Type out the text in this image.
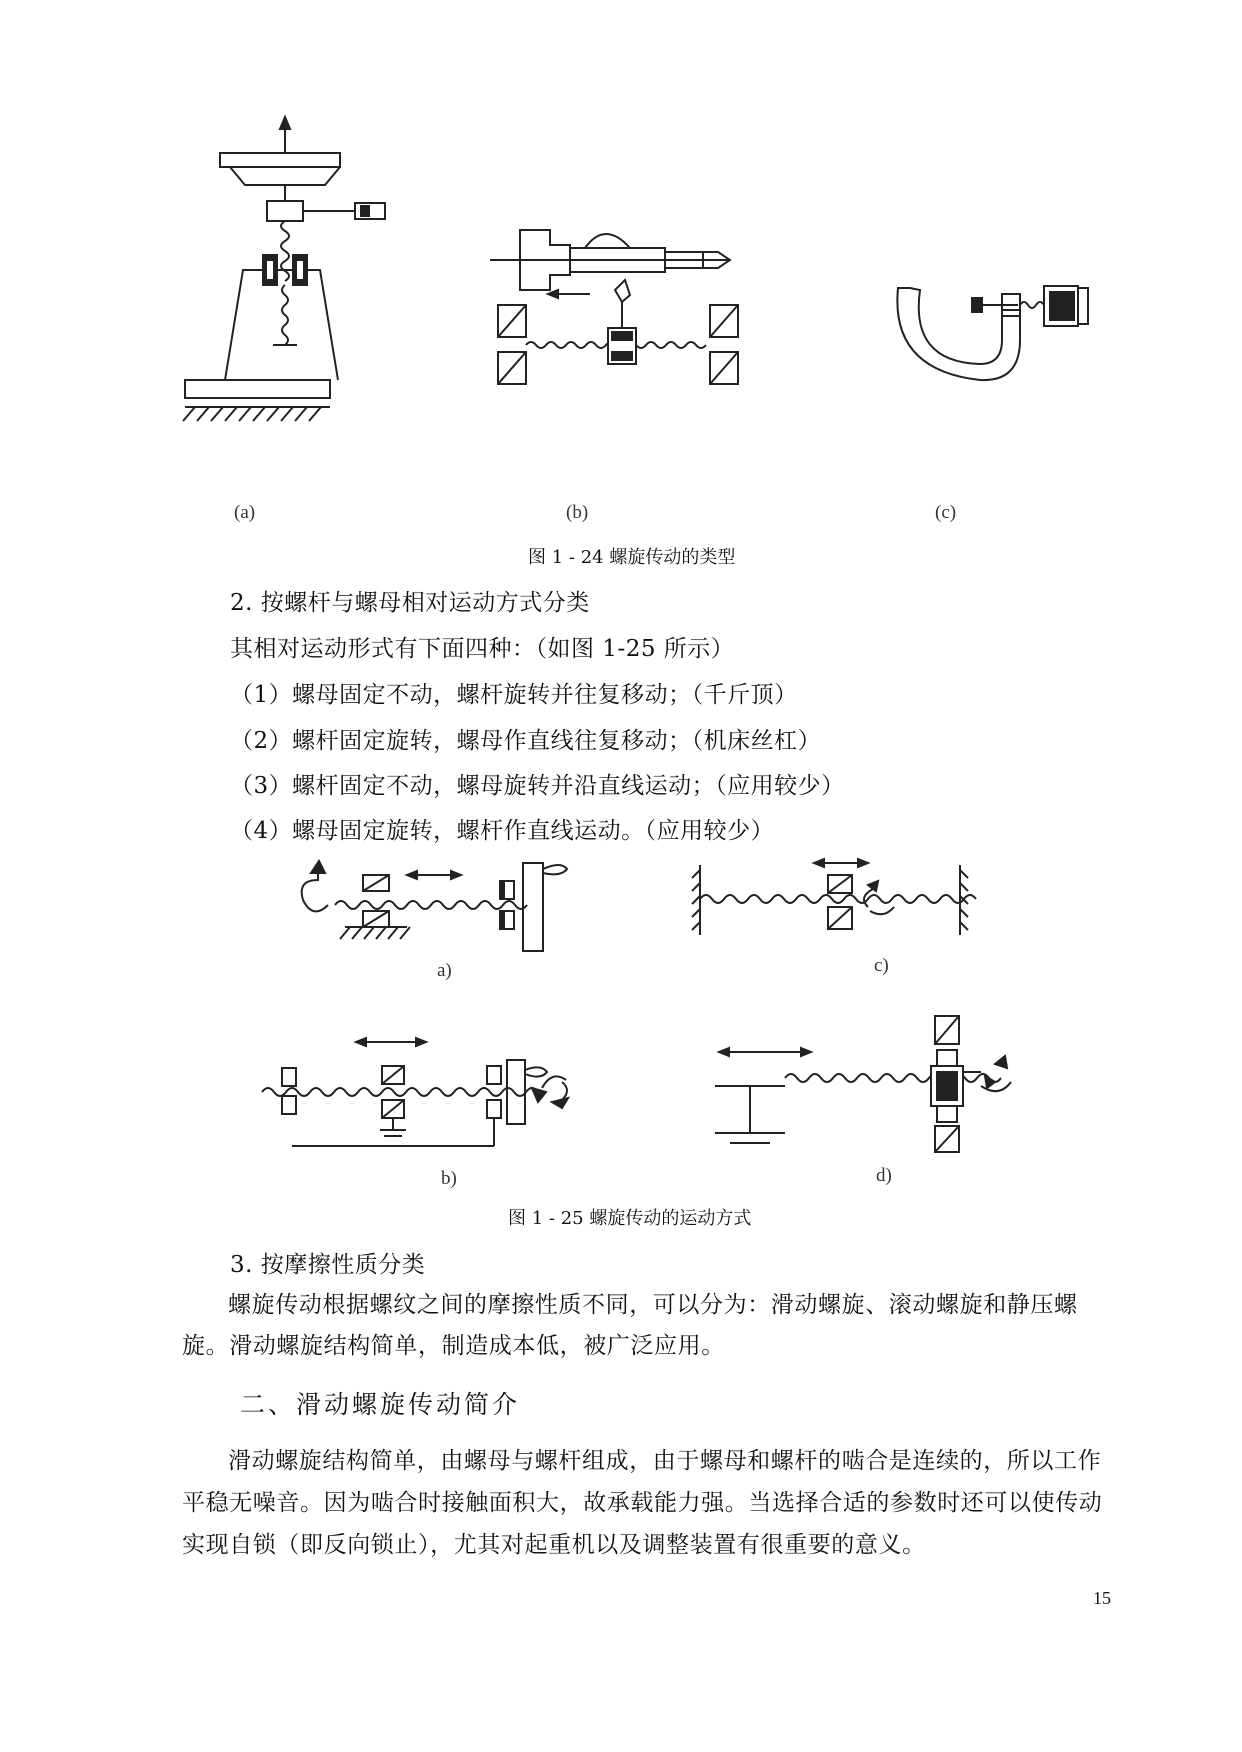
(a)	(b)	(c)
图 1 - 24 螺旋传动的类型
2. 按螺杆与螺母相对运动方式分类
其相对运动形式有下面四种：（如图 1-25 所示）
（1）螺母固定不动，螺杆旋转并往复移动；（千斤顶）
（2）螺杆固定旋转，螺母作直线往复移动；（机床丝杠）
（3）螺杆固定不动，螺母旋转并沿直线运动；（应用较少）
（4）螺母固定旋转，螺杆作直线运动。（应用较少）
a)	c)
b)	d)
图 1 - 25 螺旋传动的运动方式
3. 按摩擦性质分类
螺旋传动根据螺纹之间的摩擦性质不同，可以分为：滑动螺旋、滚动螺旋和静压螺旋。滑动螺旋结构简单，制造成本低，被广泛应用。
二、滑动螺旋传动简介
滑动螺旋结构简单，由螺母与螺杆组成，由于螺母和螺杆的啮合是连续的，所以工作平稳无噪音。因为啮合时接触面积大，故承载能力强。当选择合适的参数时还可以使传动实现自锁（即反向锁止），尤其对起重机以及调整装置有很重要的意义。
15
